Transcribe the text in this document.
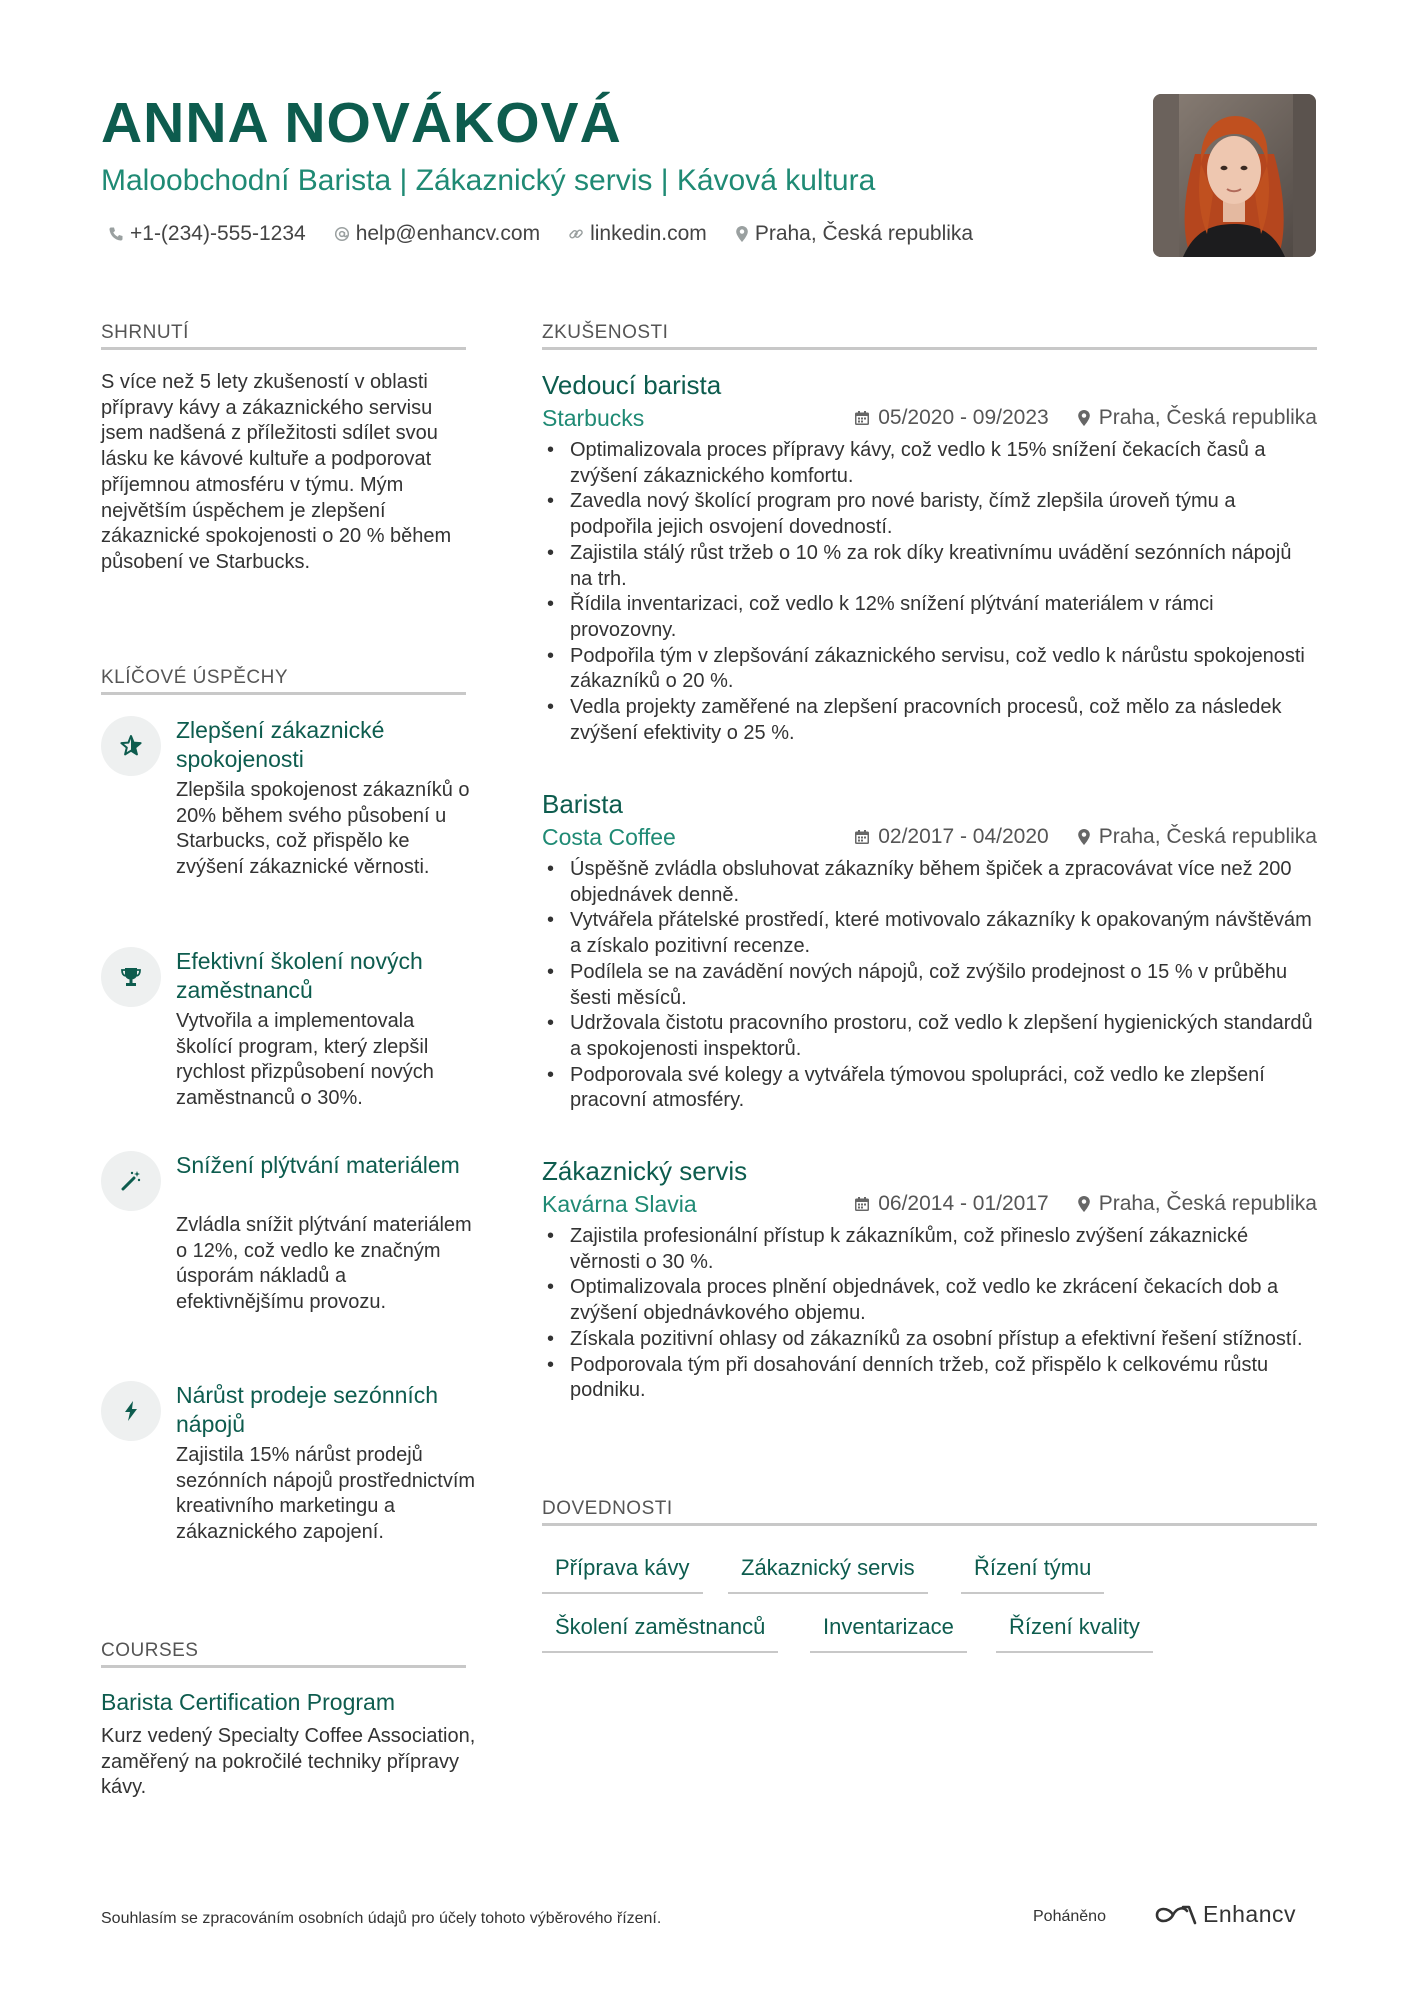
ANNA NOVÁKOVÁ
Maloobchodní Barista | Zákaznický servis | Kávová kultura
+1-(234)-555-1234 help@enhancv.com linkedin.com Praha, Česká republika
SHRNUTÍ
S více než 5 lety zkušeností v oblasti přípravy kávy a zákaznického servisu jsem nadšená z příležitosti sdílet svou lásku ke kávové kultuře a podporovat příjemnou atmosféru v týmu. Mým největším úspěchem je zlepšení zákaznické spokojenosti o 20 % během působení ve Starbucks.
KLÍČOVÉ ÚSPĚCHY
Zlepšení zákaznické spokojenosti
Zlepšila spokojenost zákazníků o 20% během svého působení u Starbucks, což přispělo ke zvýšení zákaznické věrnosti.
Efektivní školení nových zaměstnanců
Vytvořila a implementovala školící program, který zlepšil rychlost přizpůsobení nových zaměstnanců o 30%.
Snížení plýtvání materiálem
Zvládla snížit plýtvání materiálem o 12%, což vedlo ke značným úsporám nákladů a efektivnějšímu provozu.
Nárůst prodeje sezónních nápojů
Zajistila 15% nárůst prodejů sezónních nápojů prostřednictvím kreativního marketingu a zákaznického zapojení.
COURSES
Barista Certification Program
Kurz vedený Specialty Coffee Association, zaměřený na pokročilé techniky přípravy kávy.
ZKUŠENOSTI
Vedoucí barista
Starbucks	05/2020 - 09/2023 Praha, Česká republika
• Optimalizovala proces přípravy kávy, což vedlo k 15% snížení čekacích časů a zvýšení zákaznického komfortu.
• Zavedla nový školící program pro nové baristy, čímž zlepšila úroveň týmu a podpořila jejich osvojení dovedností.
• Zajistila stálý růst tržeb o 10 % za rok díky kreativnímu uvádění sezónních nápojů na trh.
• Řídila inventarizaci, což vedlo k 12% snížení plýtvání materiálem v rámci provozovny.
• Podpořila tým v zlepšování zákaznického servisu, což vedlo k nárůstu spokojenosti zákazníků o 20 %.
• Vedla projekty zaměřené na zlepšení pracovních procesů, což mělo za následek zvýšení efektivity o 25 %.
Barista
Costa Coffee	02/2017 - 04/2020 Praha, Česká republika
• Úspěšně zvládla obsluhovat zákazníky během špiček a zpracovávat více než 200 objednávek denně.
• Vytvářela přátelské prostředí, které motivovalo zákazníky k opakovaným návštěvám a získalo pozitivní recenze.
• Podílela se na zavádění nových nápojů, což zvýšilo prodejnost o 15 % v průběhu šesti měsíců.
• Udržovala čistotu pracovního prostoru, což vedlo k zlepšení hygienických standardů a spokojenosti inspektorů.
• Podporovala své kolegy a vytvářela týmovou spolupráci, což vedlo ke zlepšení pracovní atmosféry.
Zákaznický servis
Kavárna Slavia	06/2014 - 01/2017 Praha, Česká republika
• Zajistila profesionální přístup k zákazníkům, což přineslo zvýšení zákaznické věrnosti o 30 %.
• Optimalizovala proces plnění objednávek, což vedlo ke zkrácení čekacích dob a zvýšení objednávkového objemu.
• Získala pozitivní ohlasy od zákazníků za osobní přístup a efektivní řešení stížností.
• Podporovala tým při dosahování denních tržeb, což přispělo k celkovému růstu podniku.
DOVEDNOSTI
Příprava kávy	Zákaznický servis	Řízení týmu
Školení zaměstnanců	Inventarizace	Řízení kvality
Souhlasím se zpracováním osobních údajů pro účely tohoto výběrového řízení.	Poháněno	Enhancv
